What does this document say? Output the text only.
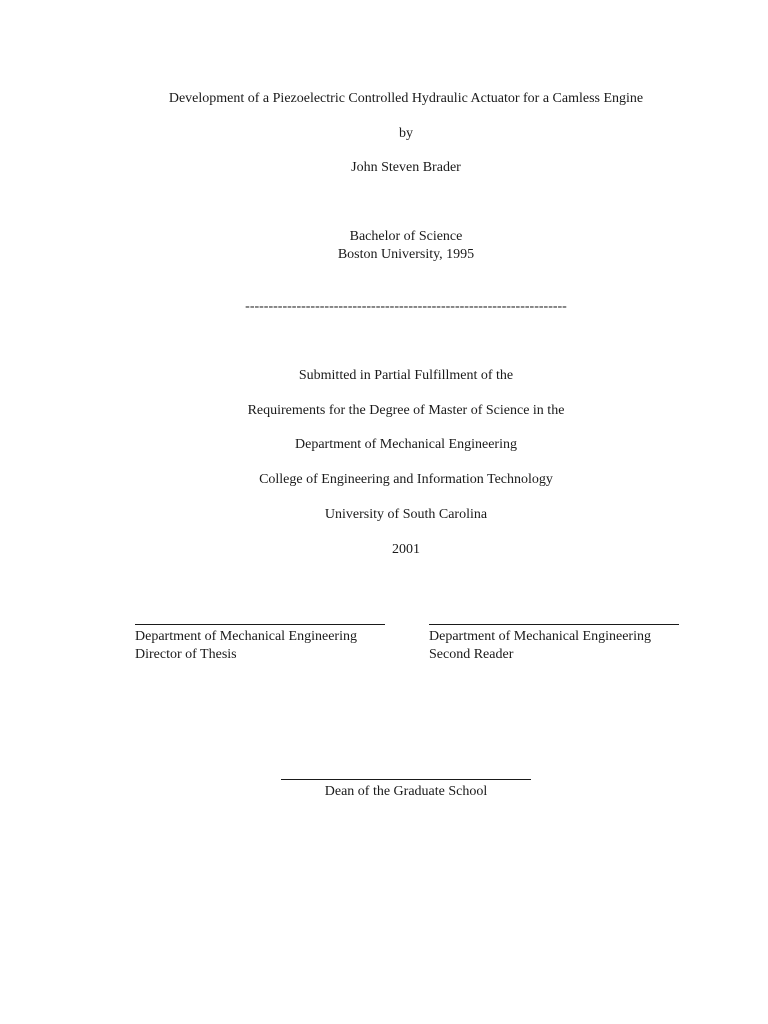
Development of a Piezoelectric Controlled Hydraulic Actuator for a Camless Engine
by
John Steven Brader
Bachelor of Science
Boston University, 1995
---------------------------------------------------------------------
Submitted in Partial Fulfillment of the
Requirements for the Degree of Master of Science in the
Department of Mechanical Engineering
College of Engineering and Information Technology
University of South Carolina
2001
Department of Mechanical Engineering
Director of Thesis
Department of Mechanical Engineering
Second Reader
Dean of the Graduate School
